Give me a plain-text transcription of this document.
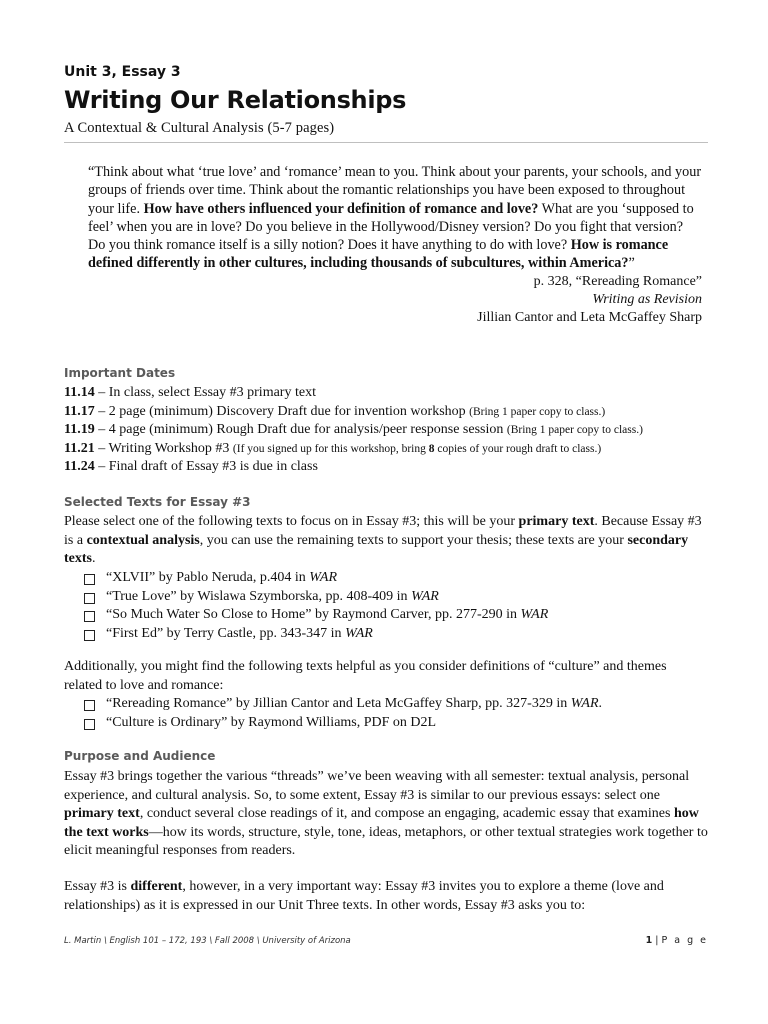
Unit 3, Essay 3
Writing Our Relationships
A Contextual & Cultural Analysis (5-7 pages)

“Think about what ‘true love’ and ‘romance’ mean to you. Think about your parents, your schools, and your groups of friends over time. Think about the romantic relationships you have been exposed to throughout your life. How have others influenced your definition of romance and love? What are you ‘supposed to feel’ when you are in love? Do you believe in the Hollywood/Disney version? Do you fight that version? Do you think romance itself is a silly notion? Does it have anything to do with love? How is romance defined differently in other cultures, including thousands of subcultures, within America?”

p. 328, “Rereading Romance”
Writing as Revision
Jillian Cantor and Leta McGaffey Sharp
Important Dates
11.14 – In class, select Essay #3 primary text
11.17 – 2 page (minimum) Discovery Draft due for invention workshop (Bring 1 paper copy to class.)
11.19 – 4 page (minimum) Rough Draft due for analysis/peer response session (Bring 1 paper copy to class.)
11.21 – Writing Workshop #3 (If you signed up for this workshop, bring 8 copies of your rough draft to class.)
11.24 – Final draft of Essay #3 is due in class
Selected Texts for Essay #3
Please select one of the following texts to focus on in Essay #3; this will be your primary text. Because Essay #3 is a contextual analysis, you can use the remaining texts to support your thesis; these texts are your secondary texts.
“XLVII” by Pablo Neruda, p.404 in WAR
“True Love” by Wislawa Szymborska, pp. 408-409 in WAR
“So Much Water So Close to Home” by Raymond Carver, pp. 277-290 in WAR
“First Ed” by Terry Castle, pp. 343-347 in WAR
Additionally, you might find the following texts helpful as you consider definitions of “culture” and themes related to love and romance:
“Rereading Romance” by Jillian Cantor and Leta McGaffey Sharp, pp. 327-329 in WAR.
“Culture is Ordinary” by Raymond Williams, PDF on D2L
Purpose and Audience
Essay #3 brings together the various “threads” we’ve been weaving with all semester: textual analysis, personal experience, and cultural analysis. So, to some extent, Essay #3 is similar to our previous essays: select one primary text, conduct several close readings of it, and compose an engaging, academic essay that examines how the text works—how its words, structure, style, tone, ideas, metaphors, or other textual strategies work together to elicit meaningful responses from readers.
Essay #3 is different, however, in a very important way: Essay #3 invites you to explore a theme (love and relationships) as it is expressed in our Unit Three texts. In other words, Essay #3 asks you to:
L. Martin \ English 101 – 172, 193 \ Fall 2008 \ University of Arizona	1 | P a g e
